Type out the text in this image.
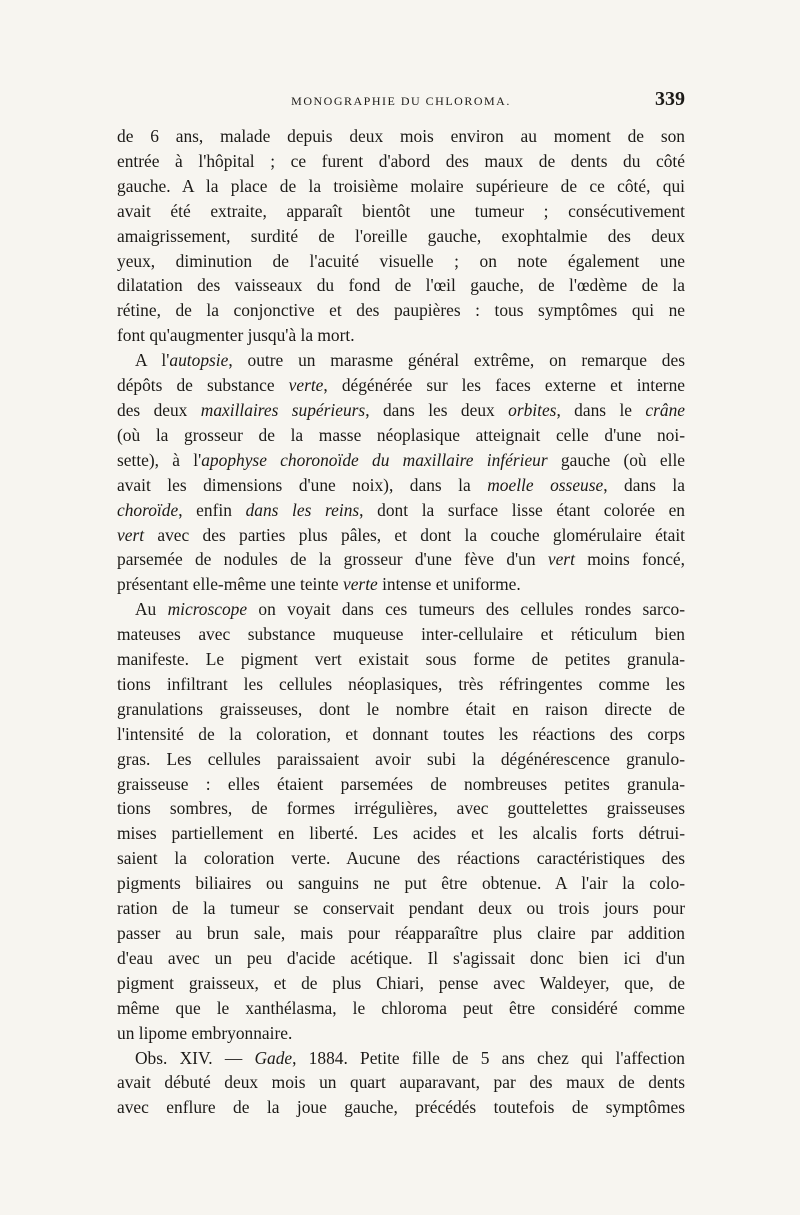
MONOGRAPHIE DU CHLOROMA.	339
de 6 ans, malade depuis deux mois environ au moment de son
entrée à l'hôpital ; ce furent d'abord des maux de dents du côté
gauche. A la place de la troisième molaire supérieure de ce côté, qui
avait été extraite, apparaît bientôt une tumeur ; consécutivement
amaigrissement, surdité de l'oreille gauche, exophtalmie des deux
yeux, diminution de l'acuité visuelle ; on note également une
dilatation des vaisseaux du fond de l'œil gauche, de l'œdème de la
rétine, de la conjonctive et des paupières : tous symptômes qui ne
font qu'augmenter jusqu'à la mort.
A l'autopsie, outre un marasme général extrême, on remarque des
dépôts de substance verte, dégénérée sur les faces externe et interne
des deux maxillaires supérieurs, dans les deux orbites, dans le crâne
(où la grosseur de la masse néoplasique atteignait celle d'une noi-
sette), à l'apophyse choronoïde du maxillaire inférieur gauche (où elle
avait les dimensions d'une noix), dans la moelle osseuse, dans la
choroïde, enfin dans les reins, dont la surface lisse étant colorée en
vert avec des parties plus pâles, et dont la couche glomérulaire était
parsemée de nodules de la grosseur d'une fève d'un vert moins foncé,
présentant elle-même une teinte verte intense et uniforme.
Au microscope on voyait dans ces tumeurs des cellules rondes sarco-
mateuses avec substance muqueuse inter-cellulaire et réticulum bien
manifeste. Le pigment vert existait sous forme de petites granula-
tions infiltrant les cellules néoplasiques, très réfringentes comme les
granulations graisseuses, dont le nombre était en raison directe de
l'intensité de la coloration, et donnant toutes les réactions des corps
gras. Les cellules paraissaient avoir subi la dégénérescence granulo-
graisseuse : elles étaient parsemées de nombreuses petites granula-
tions sombres, de formes irrégulières, avec gouttelettes graisseuses
mises partiellement en liberté. Les acides et les alcalis forts détrui-
saient la coloration verte. Aucune des réactions caractéristiques des
pigments biliaires ou sanguins ne put être obtenue. A l'air la colo-
ration de la tumeur se conservait pendant deux ou trois jours pour
passer au brun sale, mais pour réapparaître plus claire par addition
d'eau avec un peu d'acide acétique. Il s'agissait donc bien ici d'un
pigment graisseux, et de plus Chiari, pense avec Waldeyer, que, de
même que le xanthélasma, le chloroma peut être considéré comme
un lipome embryonnaire.
Obs. XIV. — Gade, 1884. Petite fille de 5 ans chez qui l'affection
avait débuté deux mois un quart auparavant, par des maux de dents
avec enflure de la joue gauche, précédés toutefois de symptômes
